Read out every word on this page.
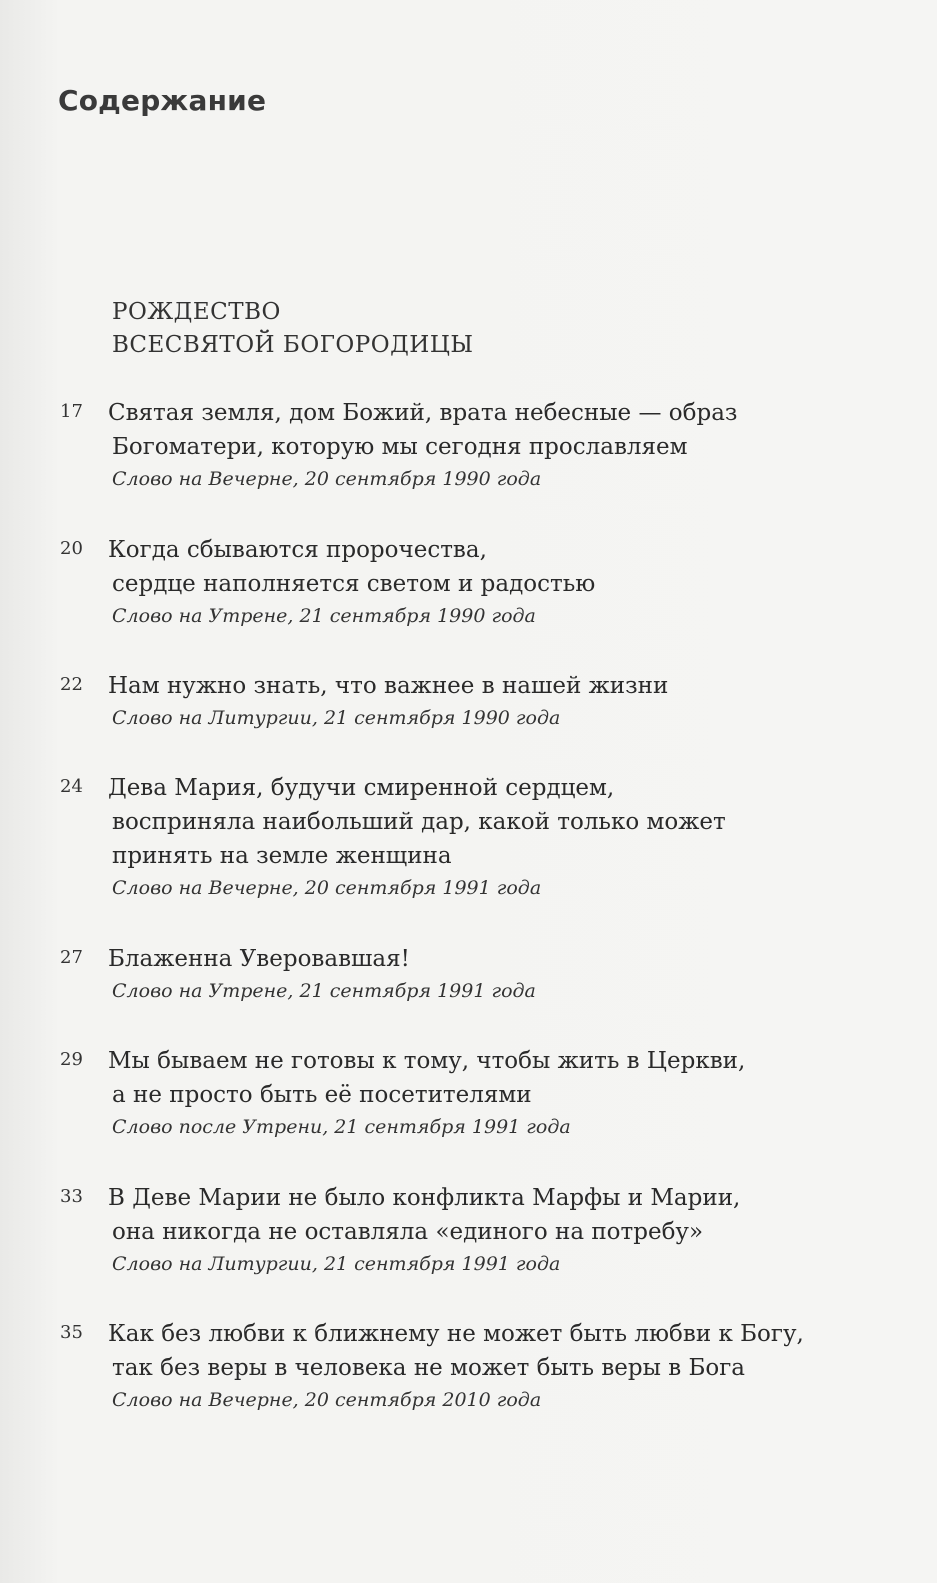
Содержание
РОЖДЕСТВО
ВСЕСВЯТОЙ БОГОРОДИЦЫ
17 Святая земля, дом Божий, врата небесные — образ
Богоматери, которую мы сегодня прославляем
Слово на Вечерне, 20 сентября 1990 года
20 Когда сбываются пророчества,
сердце наполняется светом и радостью
Слово на Утрене, 21 сентября 1990 года
22 Нам нужно знать, что важнее в нашей жизни
Слово на Литургии, 21 сентября 1990 года
24 Дева Мария, будучи смиренной сердцем,
восприняла наибольший дар, какой только может
принять на земле женщина
Слово на Вечерне, 20 сентября 1991 года
27 Блаженна Уверовавшая!
Слово на Утрене, 21 сентября 1991 года
29 Мы бываем не готовы к тому, чтобы жить в Церкви,
а не просто быть её посетителями
Слово после Утрени, 21 сентября 1991 года
33 В Деве Марии не было конфликта Марфы и Марии,
она никогда не оставляла «единого на потребу»
Слово на Литургии, 21 сентября 1991 года
35 Как без любви к ближнему не может быть любви к Богу,
так без веры в человека не может быть веры в Бога
Слово на Вечерне, 20 сентября 2010 года
